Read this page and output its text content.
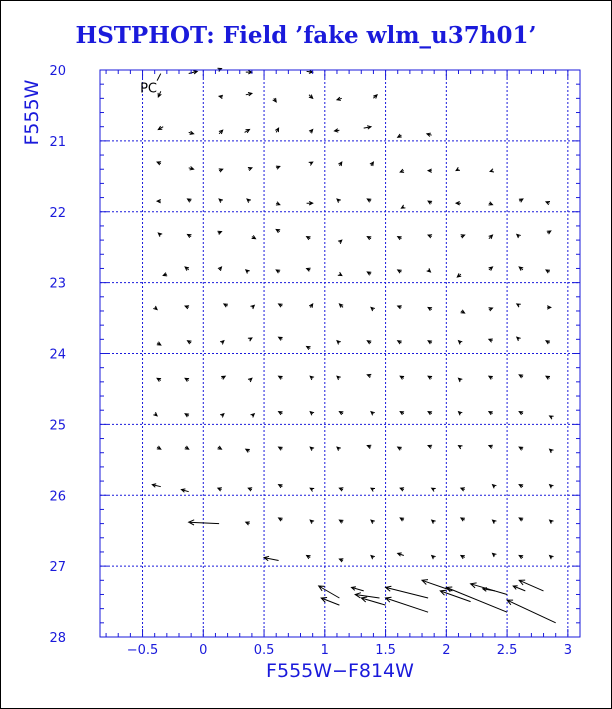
HSTPHOT: Field ’fake wlm_u37h01’
−0.5	0	0.5	1	1.5	2	2.5	3
20
21
22
23
24
25
26
27
28
PC
F555W−F814W
F555W
